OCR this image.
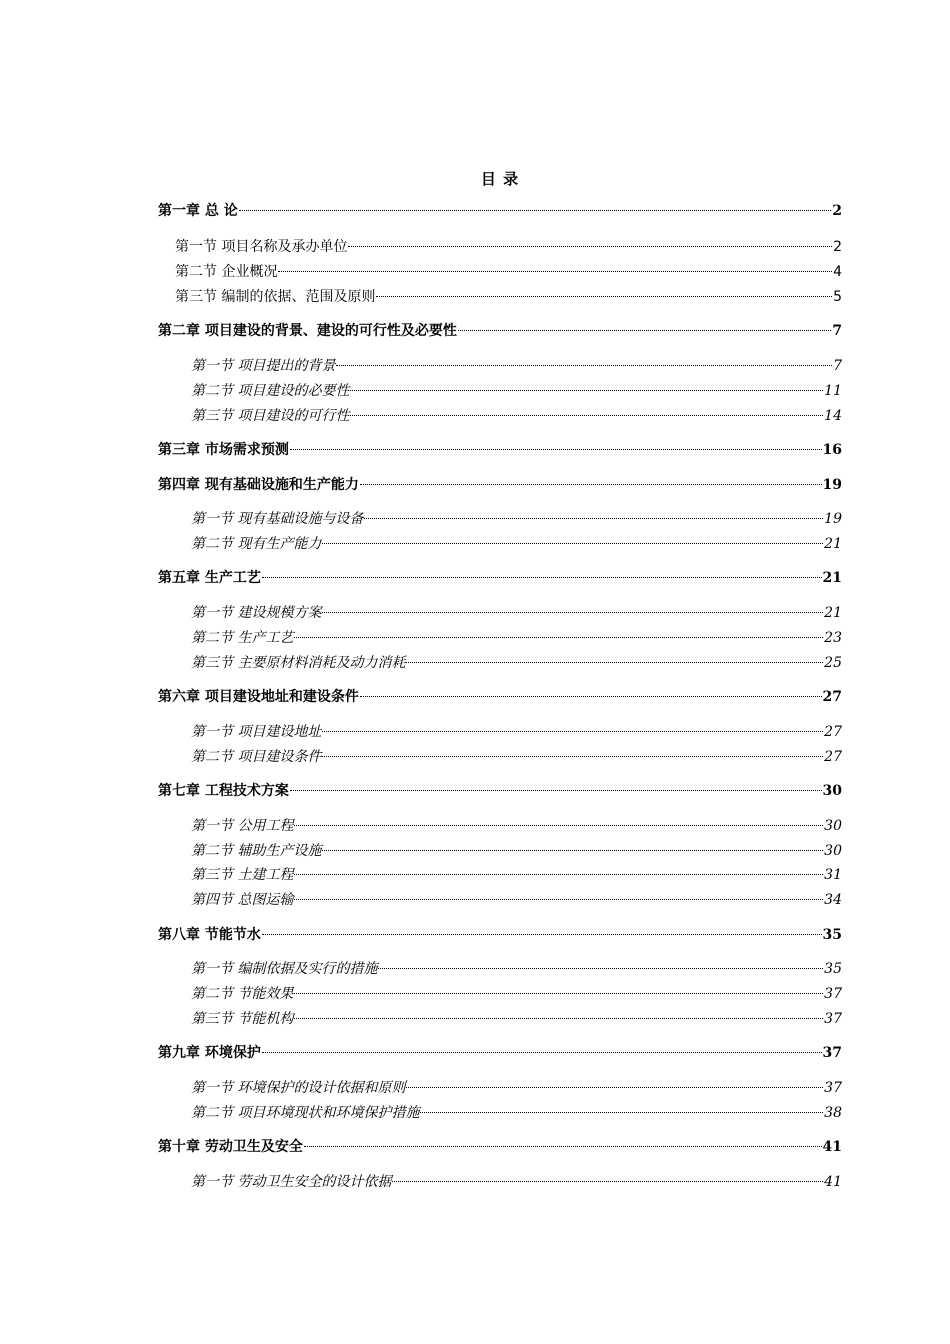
目 录
第一章 总 论	2
第一节 项目名称及承办单位	2
第二节 企业概况	4
第三节 编制的依据、范围及原则	5
第二章 项目建设的背景、建设的可行性及必要性	7
第一节 项目提出的背景	7
第二节 项目建设的必要性	11
第三节 项目建设的可行性	14
第三章 市场需求预测	16
第四章 现有基础设施和生产能力	19
第一节 现有基础设施与设备	19
第二节 现有生产能力	21
第五章 生产工艺	21
第一节 建设规模方案	21
第二节 生产工艺	23
第三节 主要原材料消耗及动力消耗	25
第六章 项目建设地址和建设条件	27
第一节 项目建设地址	27
第二节 项目建设条件	27
第七章 工程技术方案	30
第一节 公用工程	30
第二节 辅助生产设施	30
第三节 土建工程	31
第四节 总图运输	34
第八章 节能节水	35
第一节 编制依据及实行的措施	35
第二节 节能效果	37
第三节 节能机构	37
第九章 环境保护	37
第一节 环境保护的设计依据和原则	37
第二节 项目环境现状和环境保护措施	38
第十章 劳动卫生及安全	41
第一节 劳动卫生安全的设计依据	41
